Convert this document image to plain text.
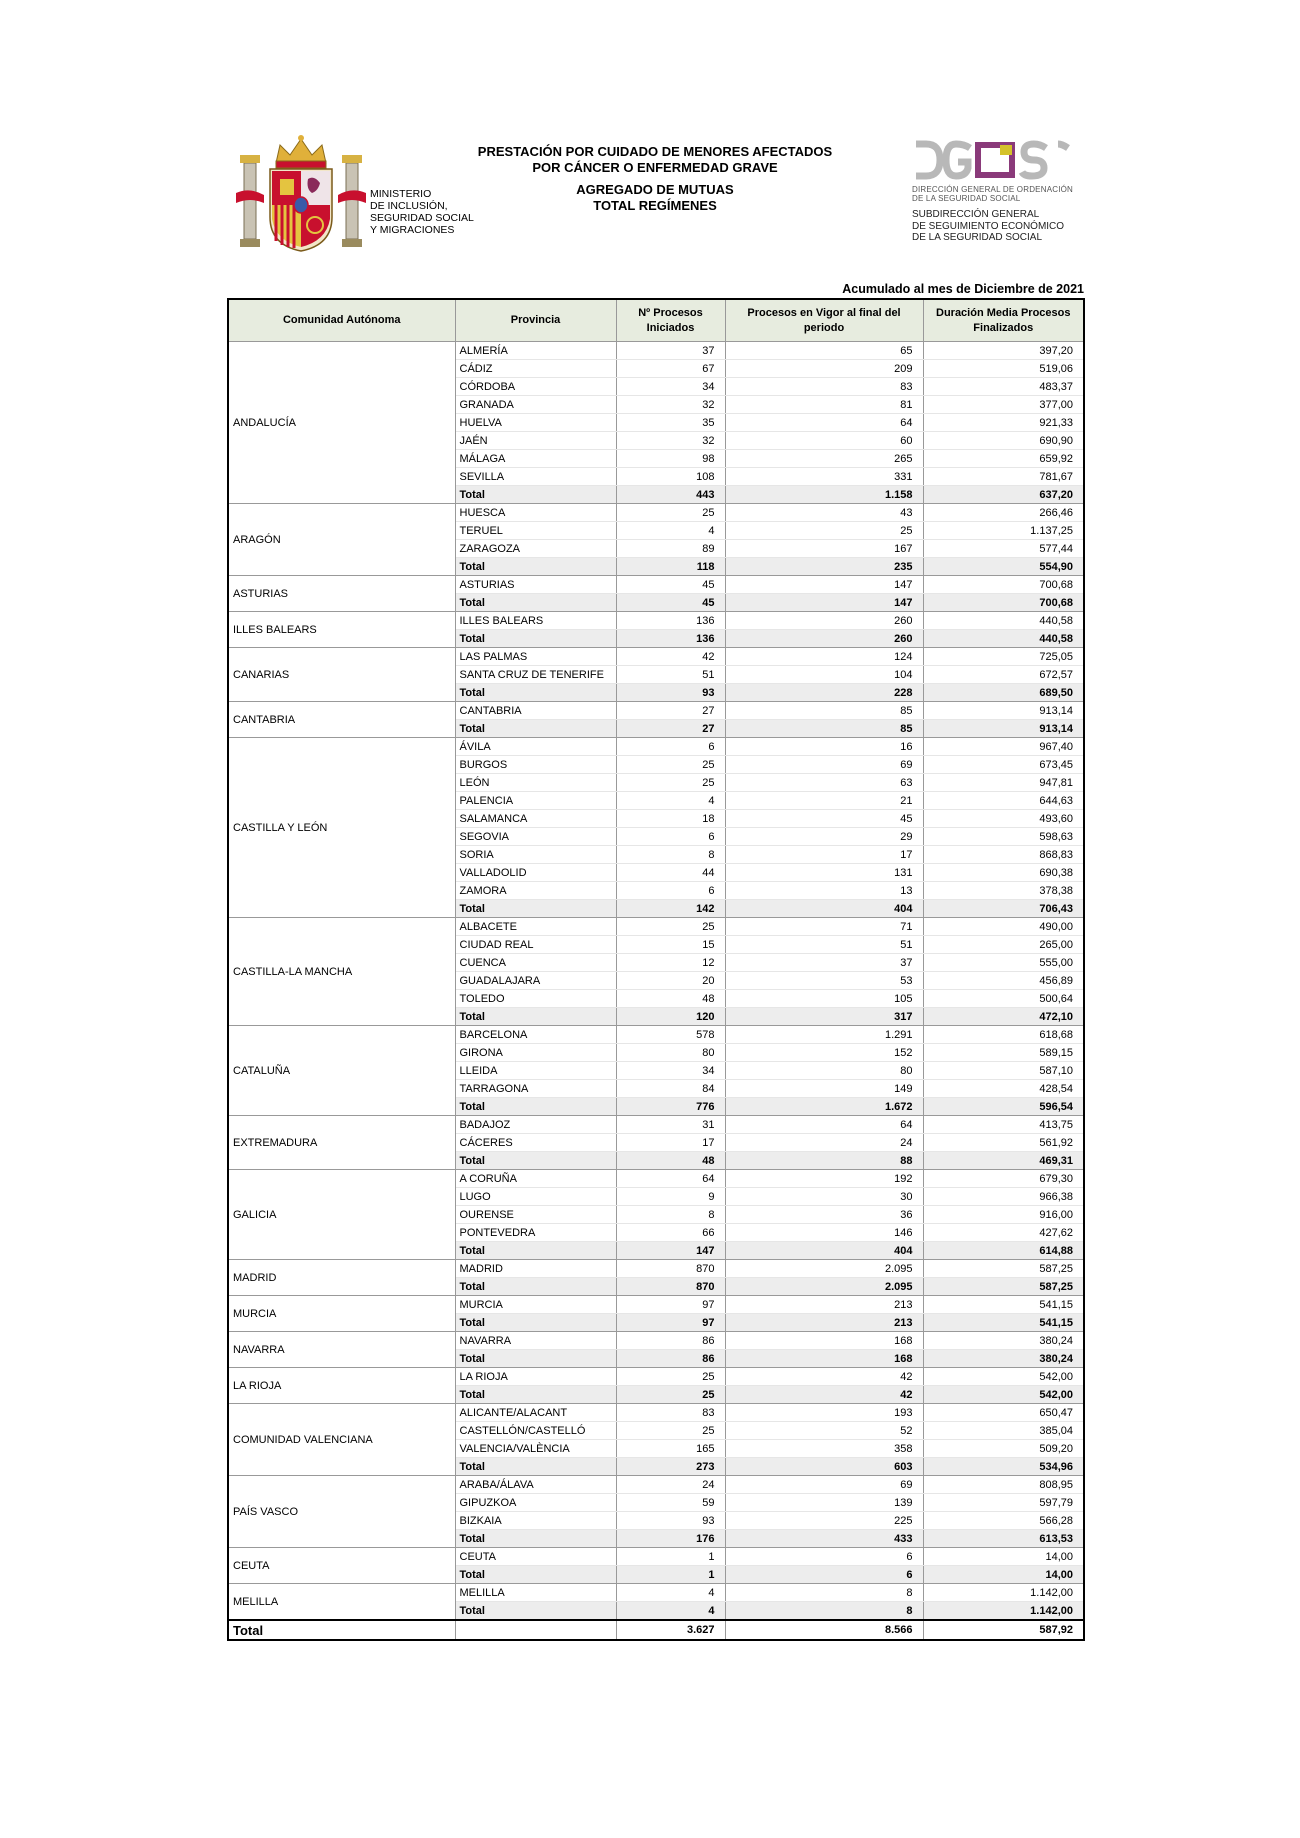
MINISTERIO
DE INCLUSIÓN,
SEGURIDAD SOCIAL
Y MIGRACIONES
PRESTACIÓN POR CUIDADO DE MENORES AFECTADOS
POR CÁNCER O ENFERMEDAD GRAVE
AGREGADO DE MUTUAS
TOTAL REGÍMENES
DIRECCIÓN GENERAL DE ORDENACIÓN
DE LA SEGURIDAD SOCIAL
SUBDIRECCIÓN GENERAL
DE SEGUIMIENTO ECONÓMICO
DE LA SEGURIDAD SOCIAL
Acumulado al mes de Diciembre de 2021
Comunidad Autónoma	Provincia	Nº Procesos Iniciados	Procesos en Vigor al final del periodo	Duración Media Procesos Finalizados
ANDALUCÍA	ALMERÍA	37	65	397,20
	CÁDIZ	67	209	519,06
	CÓRDOBA	34	83	483,37
	GRANADA	32	81	377,00
	HUELVA	35	64	921,33
	JAÉN	32	60	690,90
	MÁLAGA	98	265	659,92
	SEVILLA	108	331	781,67
	Total	443	1.158	637,20
ARAGÓN	HUESCA	25	43	266,46
	TERUEL	4	25	1.137,25
	ZARAGOZA	89	167	577,44
	Total	118	235	554,90
ASTURIAS	ASTURIAS	45	147	700,68
	Total	45	147	700,68
ILLES BALEARS	ILLES BALEARS	136	260	440,58
	Total	136	260	440,58
CANARIAS	LAS PALMAS	42	124	725,05
	SANTA CRUZ DE TENERIFE	51	104	672,57
	Total	93	228	689,50
CANTABRIA	CANTABRIA	27	85	913,14
	Total	27	85	913,14
CASTILLA Y LEÓN	ÁVILA	6	16	967,40
	BURGOS	25	69	673,45
	LEÓN	25	63	947,81
	PALENCIA	4	21	644,63
	SALAMANCA	18	45	493,60
	SEGOVIA	6	29	598,63
	SORIA	8	17	868,83
	VALLADOLID	44	131	690,38
	ZAMORA	6	13	378,38
	Total	142	404	706,43
CASTILLA-LA MANCHA	ALBACETE	25	71	490,00
	CIUDAD REAL	15	51	265,00
	CUENCA	12	37	555,00
	GUADALAJARA	20	53	456,89
	TOLEDO	48	105	500,64
	Total	120	317	472,10
CATALUÑA	BARCELONA	578	1.291	618,68
	GIRONA	80	152	589,15
	LLEIDA	34	80	587,10
	TARRAGONA	84	149	428,54
	Total	776	1.672	596,54
EXTREMADURA	BADAJOZ	31	64	413,75
	CÁCERES	17	24	561,92
	Total	48	88	469,31
GALICIA	A CORUÑA	64	192	679,30
	LUGO	9	30	966,38
	OURENSE	8	36	916,00
	PONTEVEDRA	66	146	427,62
	Total	147	404	614,88
MADRID	MADRID	870	2.095	587,25
	Total	870	2.095	587,25
MURCIA	MURCIA	97	213	541,15
	Total	97	213	541,15
NAVARRA	NAVARRA	86	168	380,24
	Total	86	168	380,24
LA RIOJA	LA RIOJA	25	42	542,00
	Total	25	42	542,00
COMUNIDAD VALENCIANA	ALICANTE/ALACANT	83	193	650,47
	CASTELLÓN/CASTELLÓ	25	52	385,04
	VALENCIA/VALÈNCIA	165	358	509,20
	Total	273	603	534,96
PAÍS VASCO	ARABA/ÁLAVA	24	69	808,95
	GIPUZKOA	59	139	597,79
	BIZKAIA	93	225	566,28
	Total	176	433	613,53
CEUTA	CEUTA	1	6	14,00
	Total	1	6	14,00
MELILLA	MELILLA	4	8	1.142,00
	Total	4	8	1.142,00
Total		3.627	8.566	587,92
